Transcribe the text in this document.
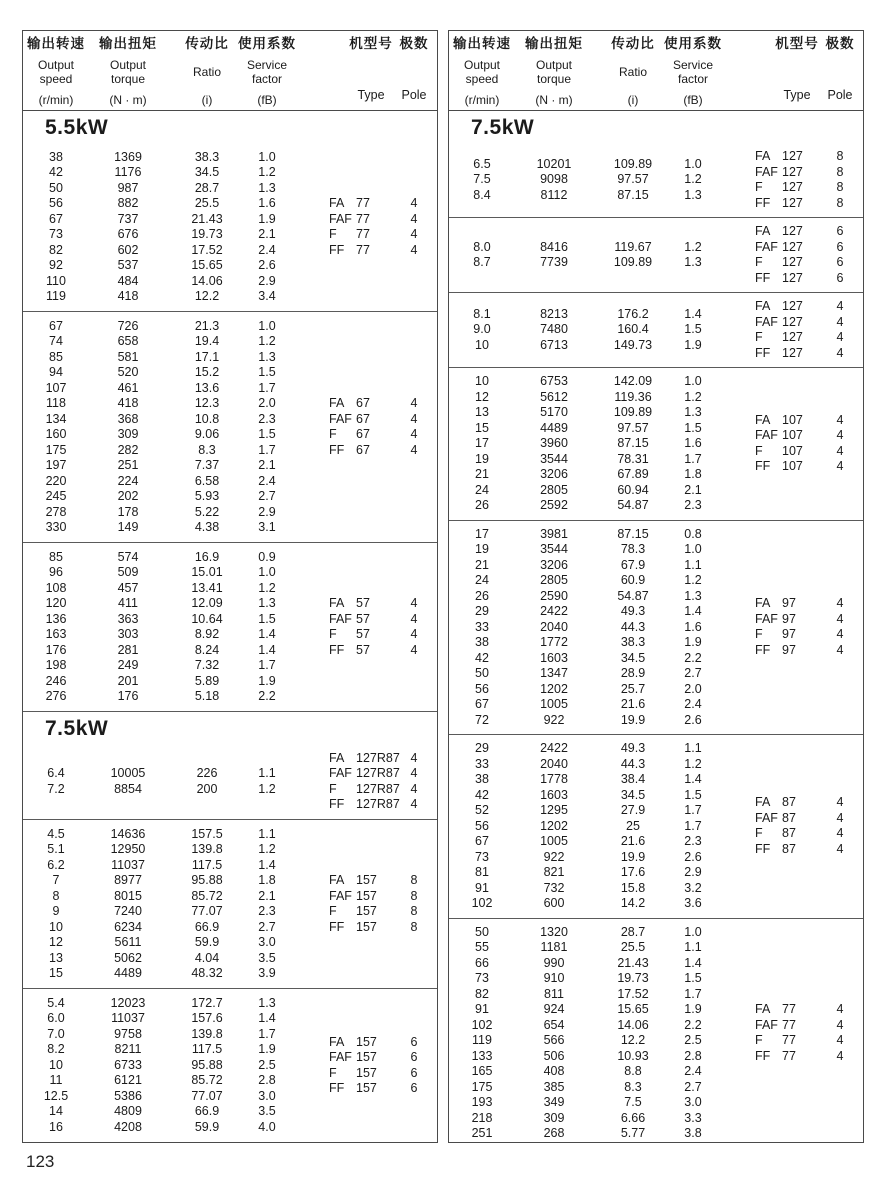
输出转速
Output
speed
(r/min)
输出扭矩
Output
torque
(N · m)
传动比
Ratio
(i)
使用系数
Service
factor
(fB)
机型号 极数
Type	Pole
5.5kW
38	1369	38.3	1.0
42	1176	34.5	1.2
50	987	28.7	1.3
56	882	25.5	1.6
67	737	21.43	1.9
73	676	19.73	2.1
82	602	17.52	2.4
92	537	15.65	2.6
110	484	14.06	2.9
119	418	12.2	3.4
FA 77	4
FAF 77	4
F	77	4
FF 77	4
67	726	21.3	1.0
74	658	19.4	1.2
85	581	17.1	1.3
94	520	15.2	1.5
107	461	13.6	1.7
118	418	12.3	2.0
134	368	10.8	2.3
160	309	9.06	1.5
175	282	8.3	1.7
197	251	7.37	2.1
220	224	6.58	2.4
245	202	5.93	2.7
278	178	5.22	2.9
330	149	4.38	3.1
FA 67	4
FAF 67	4
F	67	4
FF 67	4
85	574	16.9	0.9
96	509	15.01	1.0
108	457	13.41	1.2
120	411	12.09	1.3
136	363	10.64	1.5
163	303	8.92	1.4
176	281	8.24	1.4
198	249	7.32	1.7
246	201	5.89	1.9
276	176	5.18	2.2
FA 57	4
FAF 57	4
F	57	4
FF 57	4
7.5kW
6.4	10005	226	1.1
7.2	8854	200	1.2
FA 127R87 4
FAF 127R87 4
F	127R87 4
FF 127R87 4
4.5	14636	157.5	1.1
5.1	12950	139.8	1.2
6.2	11037	117.5	1.4
7	8977	95.88	1.8
8	8015	85.72	2.1
9	7240	77.07	2.3
10	6234	66.9	2.7
12	5611	59.9	3.0
13	5062	4.04	3.5
15	4489	48.32	3.9
FA 157	8
FAF 157	8
F	157	8
FF 157	8
5.4	12023	172.7	1.3
6.0	11037	157.6	1.4
7.0	9758	139.8	1.7
8.2	8211	117.5	1.9
10	6733	95.88	2.5
11	6121	85.72	2.8
12.5	5386	77.07	3.0
14	4809	66.9	3.5
16	4208	59.9	4.0
FA 157	6
FAF 157	6
F	157	6
FF 157	6
输出转速
Output
speed
(r/min)
输出扭矩
Output
torque
(N · m)
传动比
Ratio
(i)
使用系数
Service
factor
(fB)
机型号 极数
Type	Pole
7.5kW
6.5	10201	109.89	1.0
7.5	9098	97.57	1.2
8.4	8112	87.15	1.3
FA 127	8
FAF 127	8
F	127	8
FF 127	8
8.0	8416	119.67	1.2
8.7	7739	109.89	1.3
FA 127	6
FAF 127	6
F	127	6
FF 127	6
8.1	8213	176.2	1.4
9.0	7480	160.4	1.5
10	6713	149.73	1.9
FA 127	4
FAF 127	4
F	127	4
FF 127	4
10	6753	142.09	1.0
12	5612	119.36	1.2
13	5170	109.89	1.3
15	4489	97.57	1.5
17	3960	87.15	1.6
19	3544	78.31	1.7
21	3206	67.89	1.8
24	2805	60.94	2.1
26	2592	54.87	2.3
FA 107	4
FAF 107	4
F	107	4
FF 107	4
17	3981	87.15	0.8
19	3544	78.3	1.0
21	3206	67.9	1.1
24	2805	60.9	1.2
26	2590	54.87	1.3
29	2422	49.3	1.4
33	2040	44.3	1.6
38	1772	38.3	1.9
42	1603	34.5	2.2
50	1347	28.9	2.7
56	1202	25.7	2.0
67	1005	21.6	2.4
72	922	19.9	2.6
FA 97	4
FAF 97	4
F	97	4
FF 97	4
29	2422	49.3	1.1
33	2040	44.3	1.2
38	1778	38.4	1.4
42	1603	34.5	1.5
52	1295	27.9	1.7
56	1202	25	1.7
67	1005	21.6	2.3
73	922	19.9	2.6
81	821	17.6	2.9
91	732	15.8	3.2
102	600	14.2	3.6
FA 87	4
FAF 87	4
F	87	4
FF 87	4
50	1320	28.7	1.0
55	1181	25.5	1.1
66	990	21.43	1.4
73	910	19.73	1.5
82	811	17.52	1.7
91	924	15.65	1.9
102	654	14.06	2.2
119	566	12.2	2.5
133	506	10.93	2.8
165	408	8.8	2.4
175	385	8.3	2.7
193	349	7.5	3.0
218	309	6.66	3.3
251	268	5.77	3.8
FA 77	4
FAF 77	4
F	77	4
FF 77	4
123
